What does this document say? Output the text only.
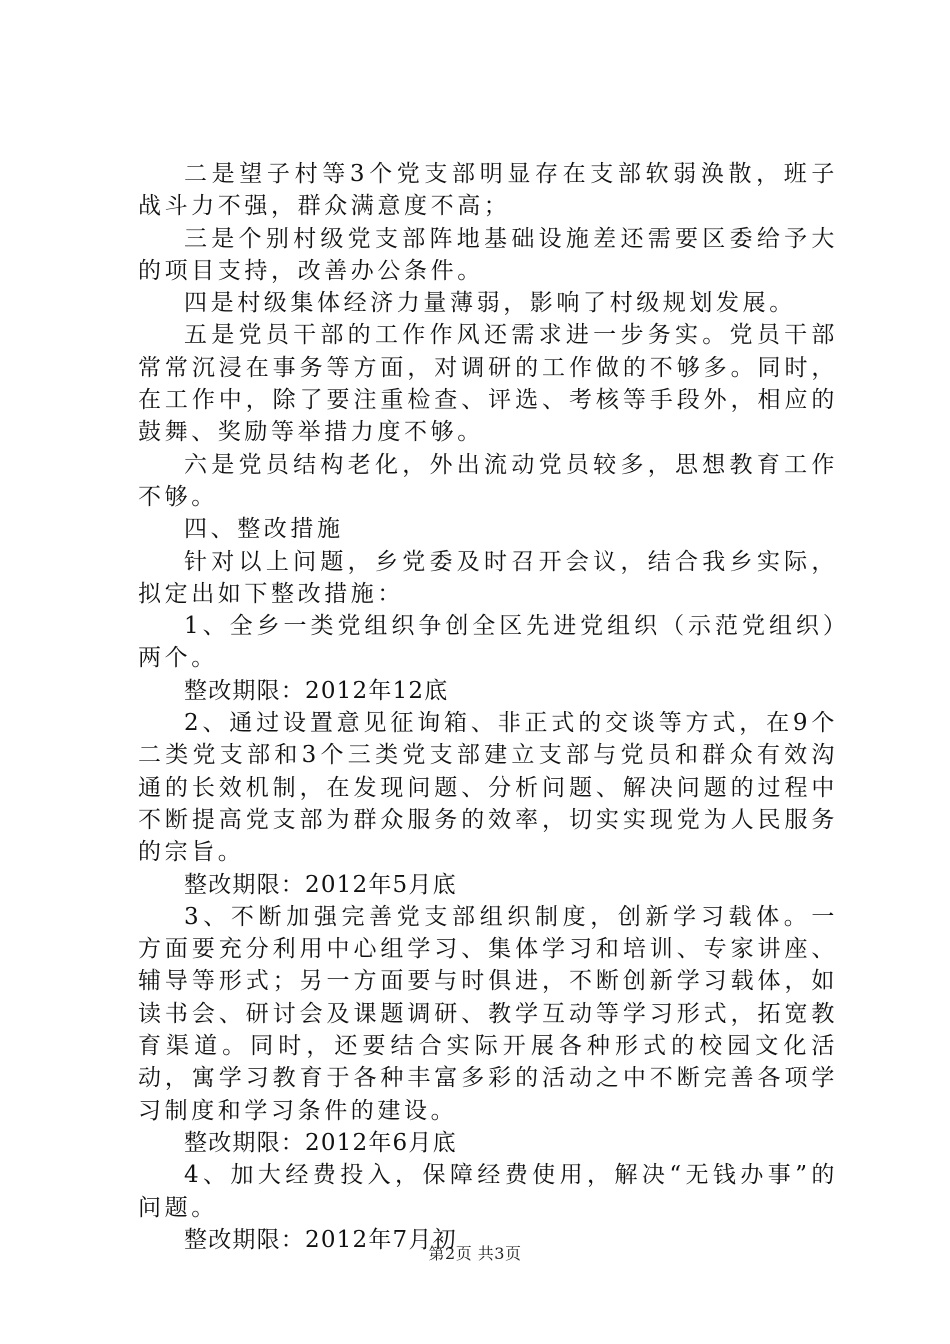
二是望子村等3个党支部明显存在支部软弱涣散，班子战斗力不强，群众满意度不高；

三是个别村级党支部阵地基础设施差还需要区委给予大的项目支持，改善办公条件。

四是村级集体经济力量薄弱，影响了村级规划发展。

五是党员干部的工作作风还需求进一步务实。党员干部常常沉浸在事务等方面，对调研的工作做的不够多。同时，在工作中，除了要注重检查、评选、考核等手段外，相应的鼓舞、奖励等举措力度不够。

六是党员结构老化，外出流动党员较多，思想教育工作不够。

四、整改措施

针对以上问题，乡党委及时召开会议，结合我乡实际，拟定出如下整改措施：

1、全乡一类党组织争创全区先进党组织（示范党组织）两个。

整改期限：2012年12底

2、通过设置意见征询箱、非正式的交谈等方式，在9个二类党支部和3个三类党支部建立支部与党员和群众有效沟通的长效机制，在发现问题、分析问题、解决问题的过程中不断提高党支部为群众服务的效率，切实实现党为人民服务的宗旨。

整改期限：2012年5月底

3、不断加强完善党支部组织制度，创新学习载体。一方面要充分利用中心组学习、集体学习和培训、专家讲座、辅导等形式；另一方面要与时俱进，不断创新学习载体，如读书会、研讨会及课题调研、教学互动等学习形式，拓宽教育渠道。同时，还要结合实际开展各种形式的校园文化活动，寓学习教育于各种丰富多彩的活动之中不断完善各项学习制度和学习条件的建设。

整改期限：2012年6月底

4、加大经费投入，保障经费使用，解决“无钱办事”的问题。

整改期限：2012年7月初

第2页 共3页
